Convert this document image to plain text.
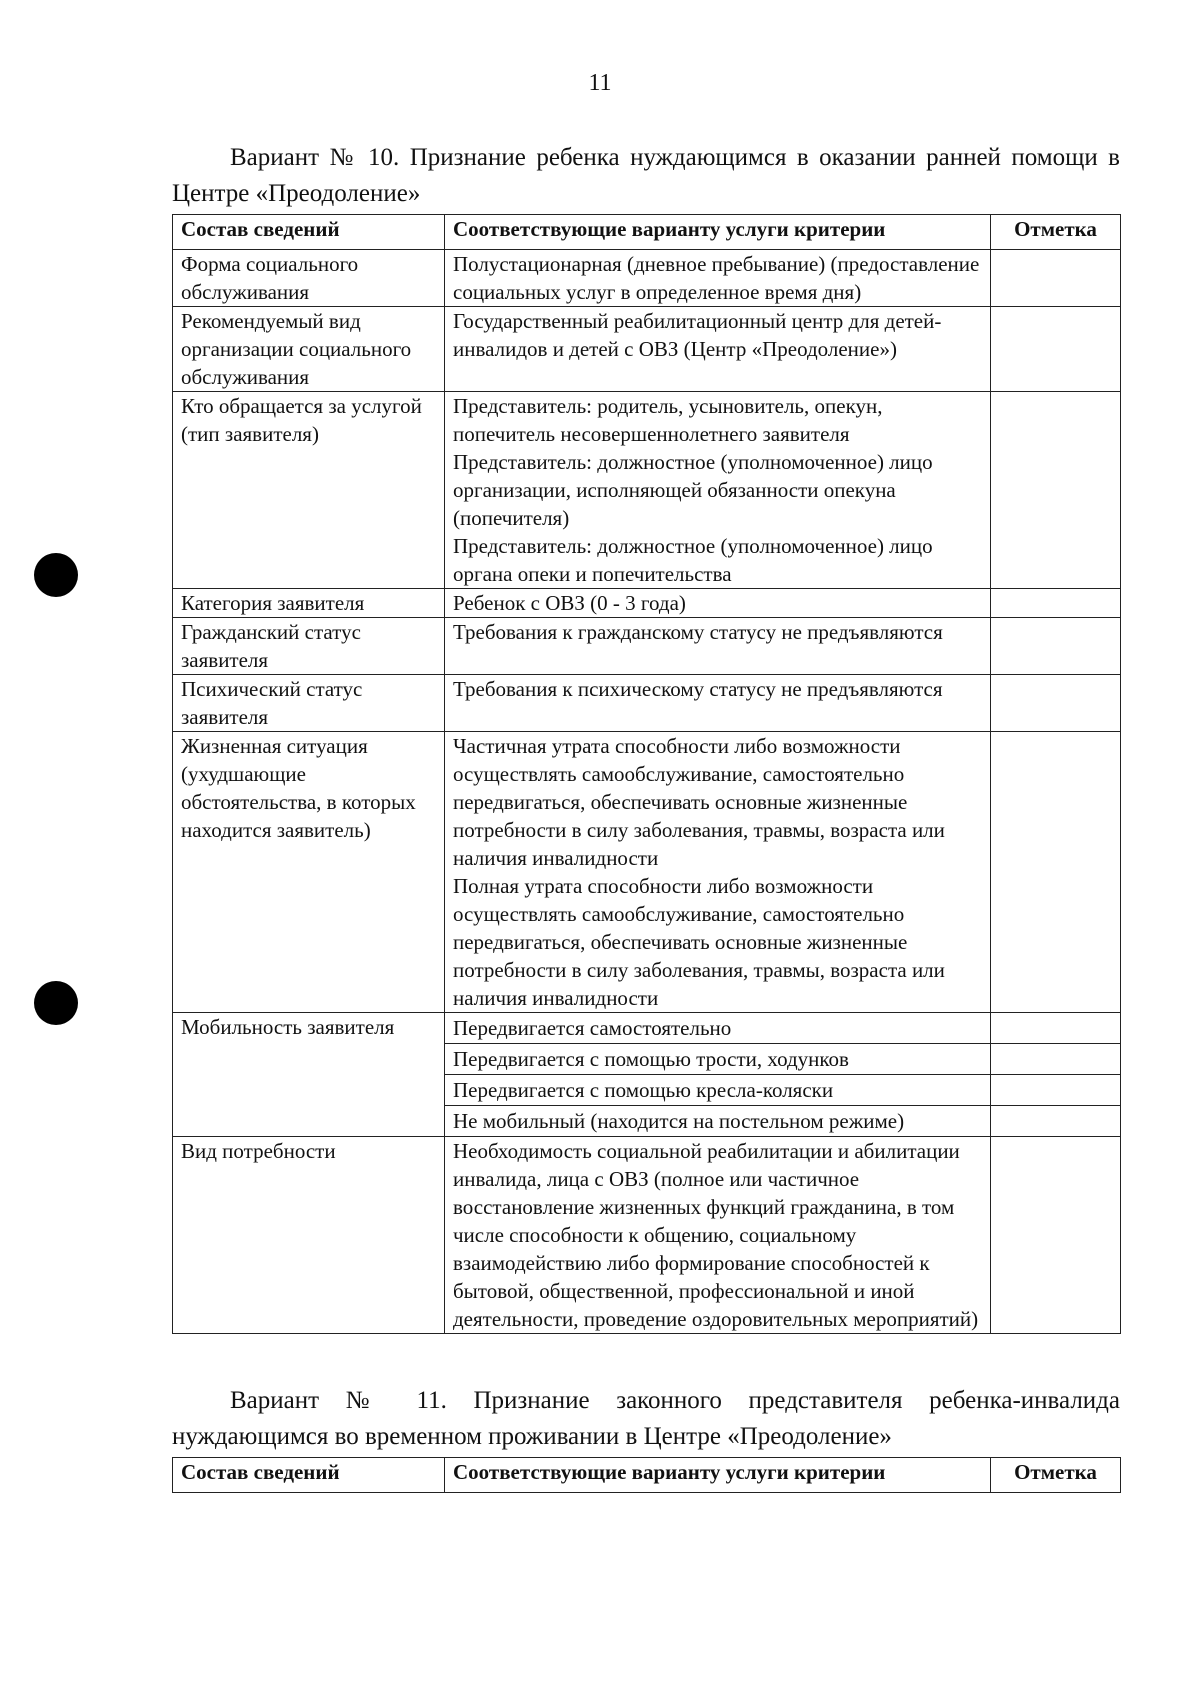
11
Вариант № 10. Признание ребенка нуждающимся в оказании ранней помощи в Центре «Преодоление»
Состав сведений	Соответствующие варианту услуги критерии	Отметка
Форма социального обслуживания	Полустационарная (дневное пребывание) (предоставление социальных услуг в определенное время дня)	

Рекомендуемый вид организации социального обслуживания	Государственный реабилитационный центр для детей-инвалидов и детей с ОВЗ (Центр «Преодоление»)	

Кто обращается за услугой (тип заявителя)	Представитель: родитель, усыновитель, опекун, попечитель несовершеннолетнего заявителя
Представитель: должностное (уполномоченное) лицо организации, исполняющей обязанности опекуна (попечителя)
Представитель: должностное (уполномоченное) лицо органа опеки и попечительства	

Категория заявителя	Ребенок с ОВЗ (0 - 3 года)	

Гражданский статус заявителя	Требования к гражданскому статусу не предъявляются	

Психический статус заявителя	Требования к психическому статусу не предъявляются	

Жизненная ситуация (ухудшающие обстоятельства, в которых находится заявитель)	Частичная утрата способности либо возможности осуществлять самообслуживание, самостоятельно передвигаться, обеспечивать основные жизненные потребности в силу заболевания, травмы, возраста или наличия инвалидности
Полная утрата способности либо возможности осуществлять самообслуживание, самостоятельно передвигаться, обеспечивать основные жизненные потребности в силу заболевания, травмы, возраста или наличия инвалидности	

Мобильность заявителя	Передвигается самостоятельно	
	Передвигается с помощью трости, ходунков	
	Передвигается с помощью кресла-коляски	
	Не мобильный (находится на постельном режиме)	
Вид потребности	Необходимость социальной реабилитации и абилитации инвалида, лица с ОВЗ (полное или частичное восстановление жизненных функций гражданина, в том числе способности к общению, социальному взаимодействию либо формирование способностей к бытовой, общественной, профессиональной и иной деятельности, проведение оздоровительных мероприятий)	
Вариант № 11. Признание законного представителя ребенка-инвалида нуждающимся во временном проживании в Центре «Преодоление»
Состав сведений	Соответствующие варианту услуги критерии	Отметка
